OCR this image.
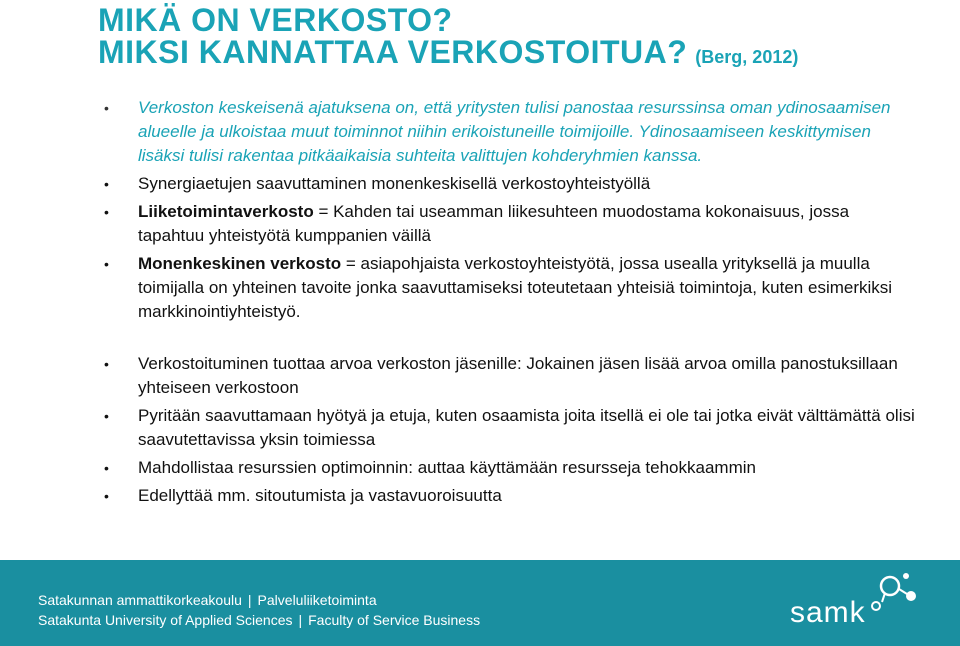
MIKÄ ON VERKOSTO?
MIKSI KANNATTAA VERKOSTOITUA? (Berg, 2012)
• Verkoston keskeisenä ajatuksena on, että yritysten tulisi panostaa resurssinsa oman ydinosaamisen alueelle ja ulkoistaa muut toiminnot niihin erikoistuneille toimijoille. Ydinosaamiseen keskittymisen lisäksi tulisi rakentaa pitkäaikaisia suhteita valittujen kohderyhmien kanssa.
• Synergiaetujen saavuttaminen monenkeskisellä verkostoyhteistyöllä
• Liiketoimintaverkosto = Kahden tai useamman liikesuhteen muodostama kokonaisuus, jossa tapahtuu yhteistyötä kumppanien väillä
• Monenkeskinen verkosto = asiapohjaista verkostoyhteistyötä, jossa usealla yrityksellä ja muulla toimijalla on yhteinen tavoite jonka saavuttamiseksi toteutetaan yhteisiä toimintoja, kuten esimerkiksi markkinointiyhteistyö.
• Verkostoituminen tuottaa arvoa verkoston jäsenille: Jokainen jäsen lisää arvoa omilla panostuksillaan yhteiseen verkostoon
• Pyritään saavuttamaan hyötyä ja etuja, kuten osaamista joita itsellä ei ole tai jotka eivät välttämättä olisi saavutettavissa yksin toimiessa
• Mahdollistaa resurssien optimoinnin: auttaa käyttämään resursseja tehokkaammin
• Edellyttää mm. sitoutumista ja vastavuoroisuutta
Satakunnan ammattikorkeakoulu | Palveluliiketoiminta
Satakunta University of Applied Sciences | Faculty of Service Business	samk
